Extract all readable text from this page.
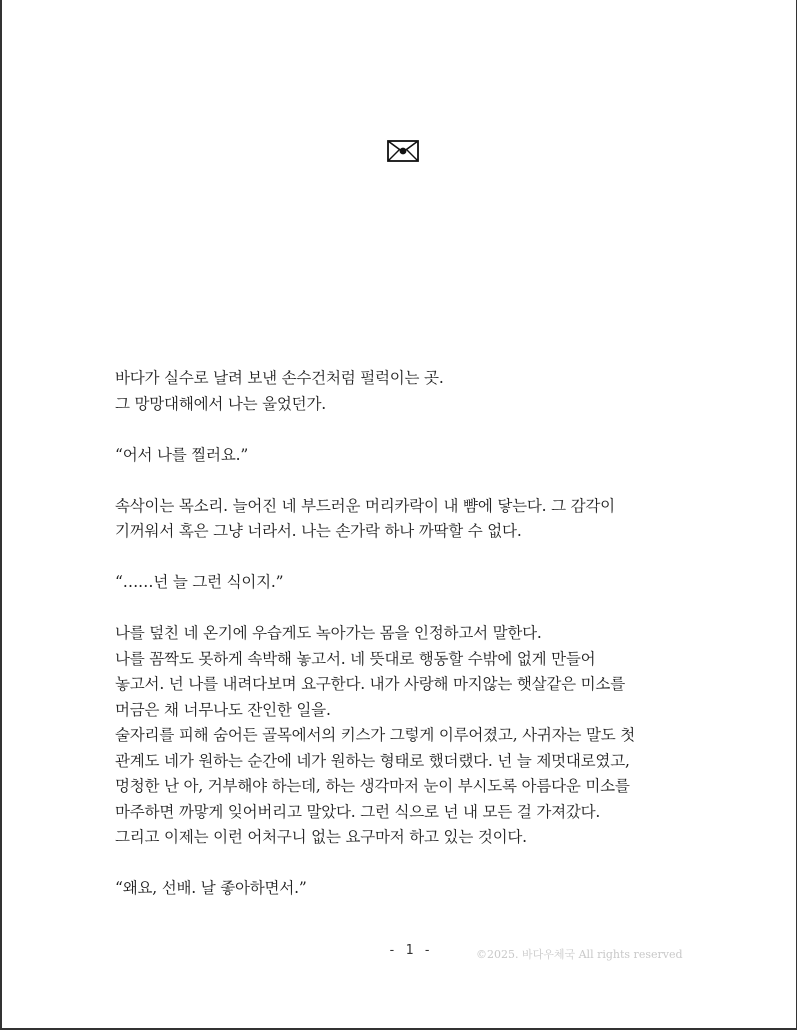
바다가 실수로 날려 보낸 손수건처럼 펄럭이는 곳.

그 망망대해에서 나는 울었던가.

“어서 나를 찔러요.”

속삭이는 목소리. 늘어진 네 부드러운 머리카락이 내 뺨에 닿는다. 그 감각이

기꺼워서 혹은 그냥 너라서. 나는 손가락 하나 까딱할 수 없다.

“……넌 늘 그런 식이지.”

나를 덮친 네 온기에 우습게도 녹아가는 몸을 인정하고서 말한다.

나를 꼼짝도 못하게 속박해 놓고서. 네 뜻대로 행동할 수밖에 없게 만들어

놓고서. 넌 나를 내려다보며 요구한다. 내가 사랑해 마지않는 햇살같은 미소를

머금은 채 너무나도 잔인한 일을.

술자리를 피해 숨어든 골목에서의 키스가 그렇게 이루어졌고, 사귀자는 말도 첫

관계도 네가 원하는 순간에 네가 원하는 형태로 했더랬다. 넌 늘 제멋대로였고,

멍청한 난 아, 거부해야 하는데, 하는 생각마저 눈이 부시도록 아름다운 미소를

마주하면 까맣게 잊어버리고 말았다. 그런 식으로 넌 내 모든 걸 가져갔다.

그리고 이제는 이런 어처구니 없는 요구마저 하고 있는 것이다.

“왜요, 선배. 날 좋아하면서.”

- 1 -	©2025. 바다우체국 All rights reserved
